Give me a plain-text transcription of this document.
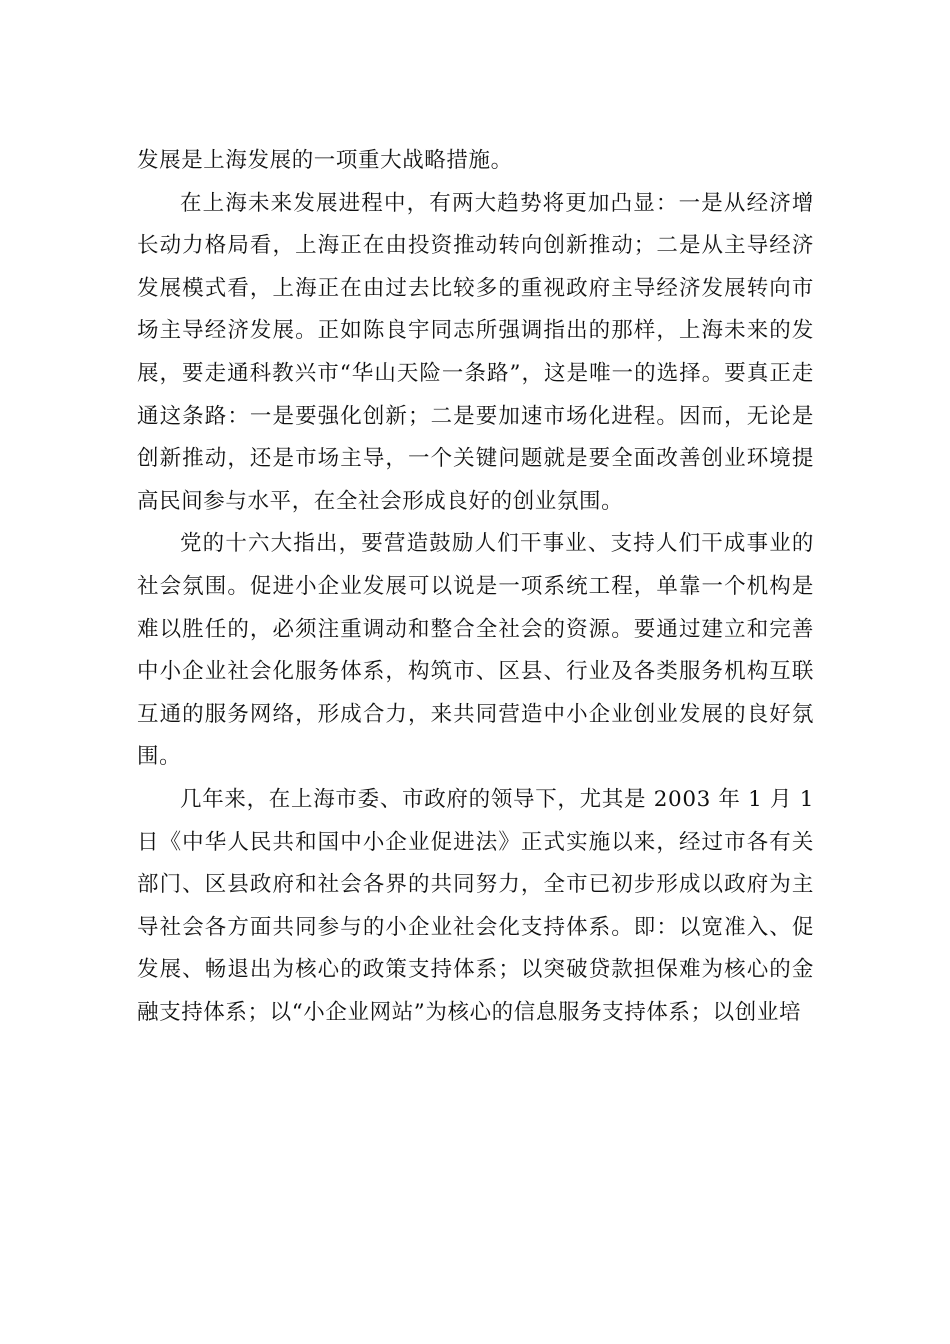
发展是上海发展的一项重大战略措施。

在上海未来发展进程中，有两大趋势将更加凸显：一是从经济增长动力格局看，上海正在由投资推动转向创新推动；二是从主导经济发展模式看，上海正在由过去比较多的重视政府主导经济发展转向市场主导经济发展。正如陈良宇同志所强调指出的那样，上海未来的发展，要走通科教兴市“华山天险一条路”，这是唯一的选择。要真正走通这条路：一是要强化创新；二是要加速市场化进程。因而，无论是创新推动，还是市场主导，一个关键问题就是要全面改善创业环境提高民间参与水平，在全社会形成良好的创业氛围。

党的十六大指出，要营造鼓励人们干事业、支持人们干成事业的社会氛围。促进小企业发展可以说是一项系统工程，单靠一个机构是难以胜任的，必须注重调动和整合全社会的资源。要通过建立和完善中小企业社会化服务体系，构筑市、区县、行业及各类服务机构互联互通的服务网络，形成合力，来共同营造中小企业创业发展的良好氛围。

几年来，在上海市委、市政府的领导下，尤其是 2003 年 1 月 1 日《中华人民共和国中小企业促进法》正式实施以来，经过市各有关部门、区县政府和社会各界的共同努力，全市已初步形成以政府为主导社会各方面共同参与的小企业社会化支持体系。即：以宽准入、促发展、畅退出为核心的政策支持体系；以突破贷款担保难为核心的金融支持体系；以“小企业网站”为核心的信息服务支持体系；以创业培
